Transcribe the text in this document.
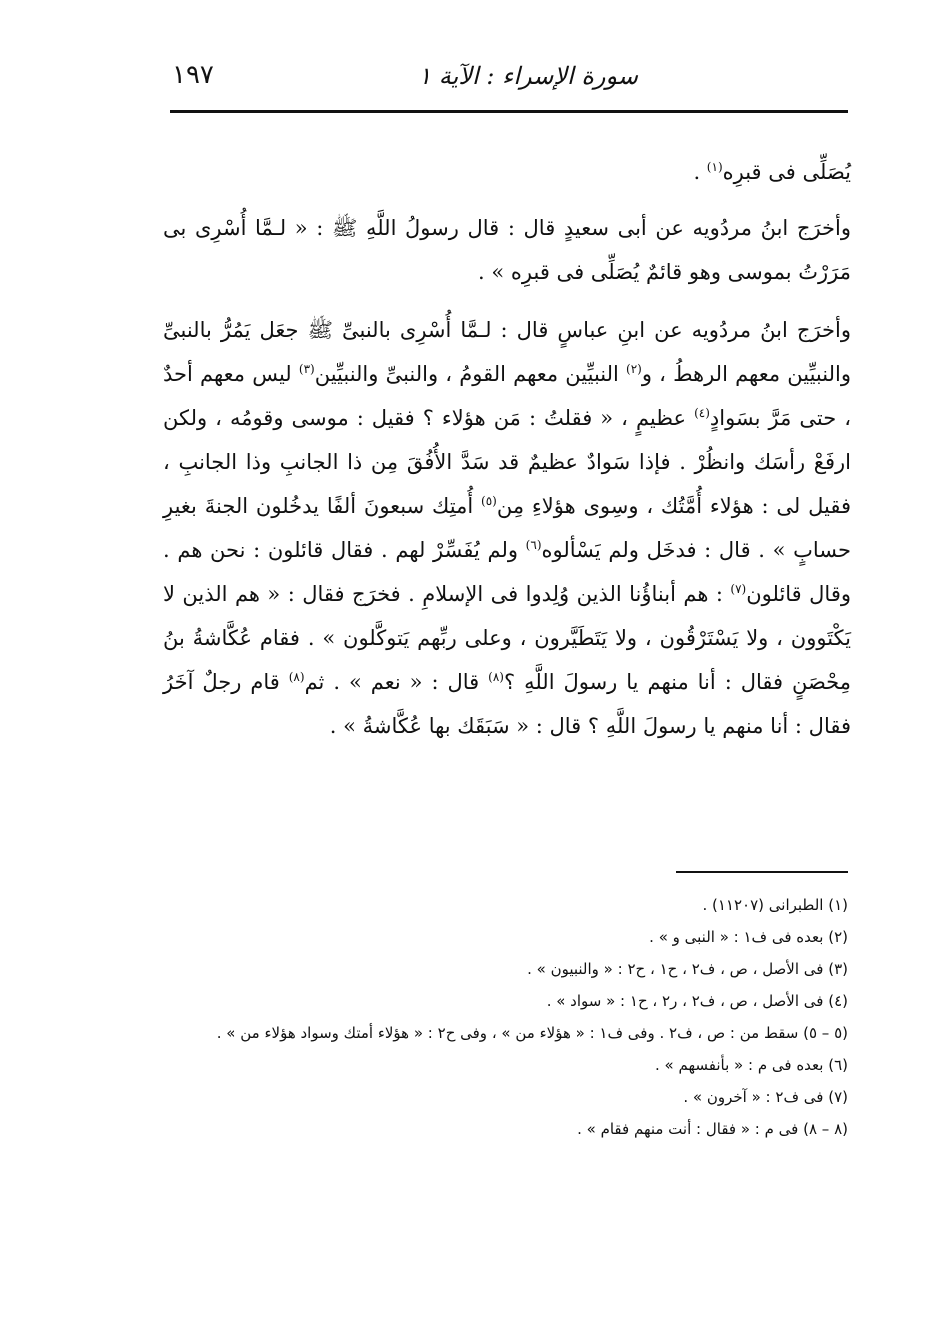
سورة الإسراء : الآية ١
١٩٧

يُصَلِّى فى قبرِه$^{(١)}$ .

وأخرَج ابنُ مردُويه عن أبى سعيدٍ قال : قال رسولُ اللَّهِ ﷺ : « لـمَّا أُسْرِى بى مَرَرْتُ بموسى وهو قائمٌ يُصَلِّى فى قبرِه » .

وأخرَج ابنُ مردُويه عن ابنِ عباسٍ قال : لـمَّا أُسْرِى بالنبىِّ ﷺ جعَل يَمُرُّ بالنبىِّ والنبيِّين معهم الرهطُ ، و$^{(٢)}$ النبيِّين معهم القومُ ، والنبىِّ والنبيِّين$^{(٣)}$ ليس معهم أحدٌ ، حتى مَرَّ بسَوادٍ$^{(٤)}$ عظيمٍ ، « فقلتُ : مَن هؤلاء ؟ فقيل : موسى وقومُه ، ولكن ارفَعْ رأسَك وانظُرْ . فإذا سَوادٌ عظيمٌ قد سَدَّ الأُفُقَ مِن ذا الجانبِ وذا الجانبِ ، فقيل لى : هؤلاء أُمَّتُك ، وسِوى هؤلاءِ مِن$^{(٥)}$ أُمتِك سبعونَ ألفًا يدخُلون الجنةَ بغيرِ حسابٍ » . قال : فدخَل ولم يَسْألوه$^{(٦)}$ ولم يُفَسِّرْ لهم . فقال قائلون : نحن هم . وقال قائلون$^{(٧)}$ : هم أبناؤُنا الذين وُلِدوا فى الإسلامِ . فخرَج فقال : « هم الذين لا يَكْتَوون ، ولا يَسْتَرْقُون ، ولا يَتَطَيَّرون ، وعلى ربِّهم يَتوكَّلون » . فقام عُكَّاشةُ بنُ مِحْصَنٍ فقال : أنا منهم يا رسولَ اللَّهِ ؟$^{(٨)}$ قال : « نعم » . ثم$^{(٨)}$ قام رجلٌ آخَرُ فقال : أنا منهم يا رسولَ اللَّهِ ؟ قال : « سَبَقَك بها عُكَّاشةُ » .

(١) الطبرانى (١١٢٠٧) .
(٢) بعده فى ف١ : « النبى و » .
(٣) فى الأصل ، ص ، ف٢ ، ح١ ، ح٢ : « والنبيون » .
(٤) فى الأصل ، ص ، ف٢ ، ر٢ ، ح١ : « سواد » .
(٥ – ٥) سقط من : ص ، ف٢ . وفى ف١ : « هؤلاء من » ، وفى ح٢ : « هؤلاء أمتك وسواد هؤلاء من » .
(٦) بعده فى م : « بأنفسهم » .
(٧) فى ف٢ : « آخرون » .
(٨ – ٨) فى م : « فقال : أنت منهم فقام » .
